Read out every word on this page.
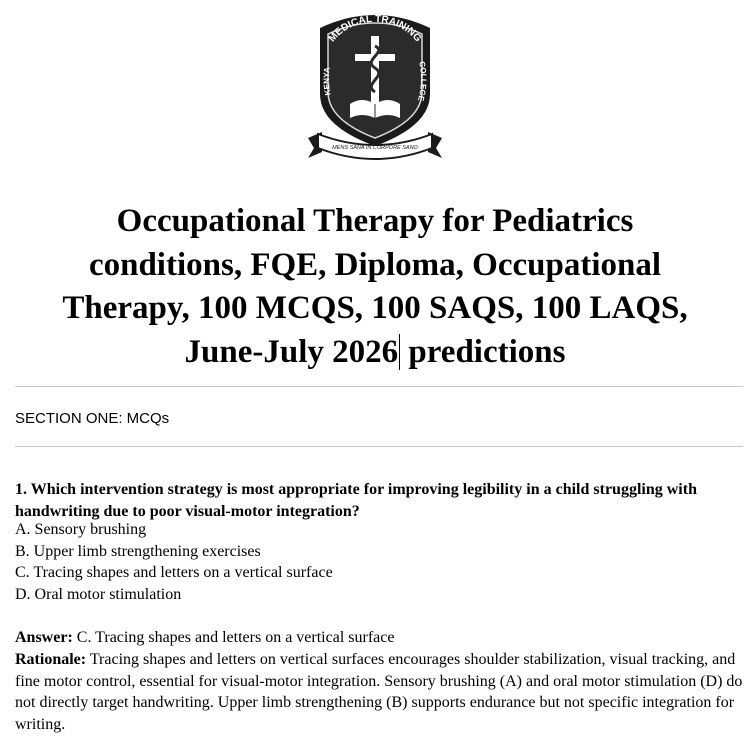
MEDICAL TRAINING
KENYA
COLLEGE
MENS SANA IN CORPORE SANO
Occupational Therapy for Pediatrics
conditions, FQE, Diploma, Occupational
Therapy, 100 MCQS, 100 SAQS, 100 LAQS,
June-July 2026 predictions

SECTION ONE: MCQs

1. Which intervention strategy is most appropriate for improving legibility in a child struggling with handwriting due to poor visual-motor integration?

A. Sensory brushing
B. Upper limb strengthening exercises
C. Tracing shapes and letters on a vertical surface
D. Oral motor stimulation

Answer: C. Tracing shapes and letters on a vertical surface

Rationale: Tracing shapes and letters on vertical surfaces encourages shoulder stabilization, visual tracking, and fine motor control, essential for visual-motor integration. Sensory brushing (A) and oral motor stimulation (D) do not directly target handwriting. Upper limb strengthening (B) supports endurance but not specific integration for writing.
